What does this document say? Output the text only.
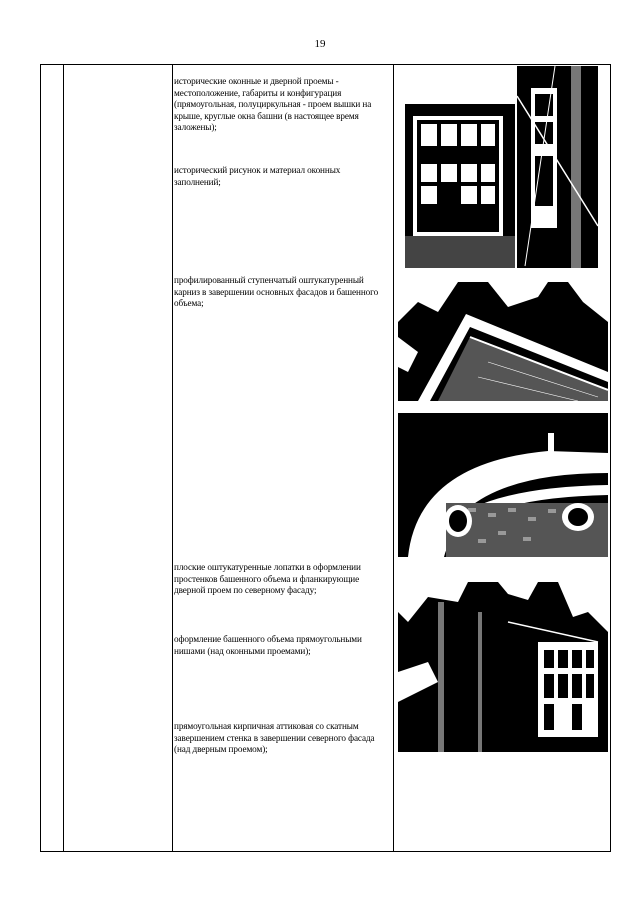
19
исторические оконные и дверной проемы - местоположение, габариты и конфигурация (прямоугольная, полуциркульная - проем вышки на крыше, круглые окна башни (в настоящее время заложены);
исторический рисунок и материал оконных заполнений;
профилированный ступенчатый оштукатуренный карниз в завершении основных фасадов и башенного объема;
плоские оштукатуренные лопатки в оформлении простенков башенного объема и фланкирующие дверной проем по северному фасаду;
оформление башенного объема прямоугольными нишами (над оконными проемами);
прямоугольная кирпичная аттиковая со скатным завершением стенка в завершении северного фасада (над дверным проемом);
